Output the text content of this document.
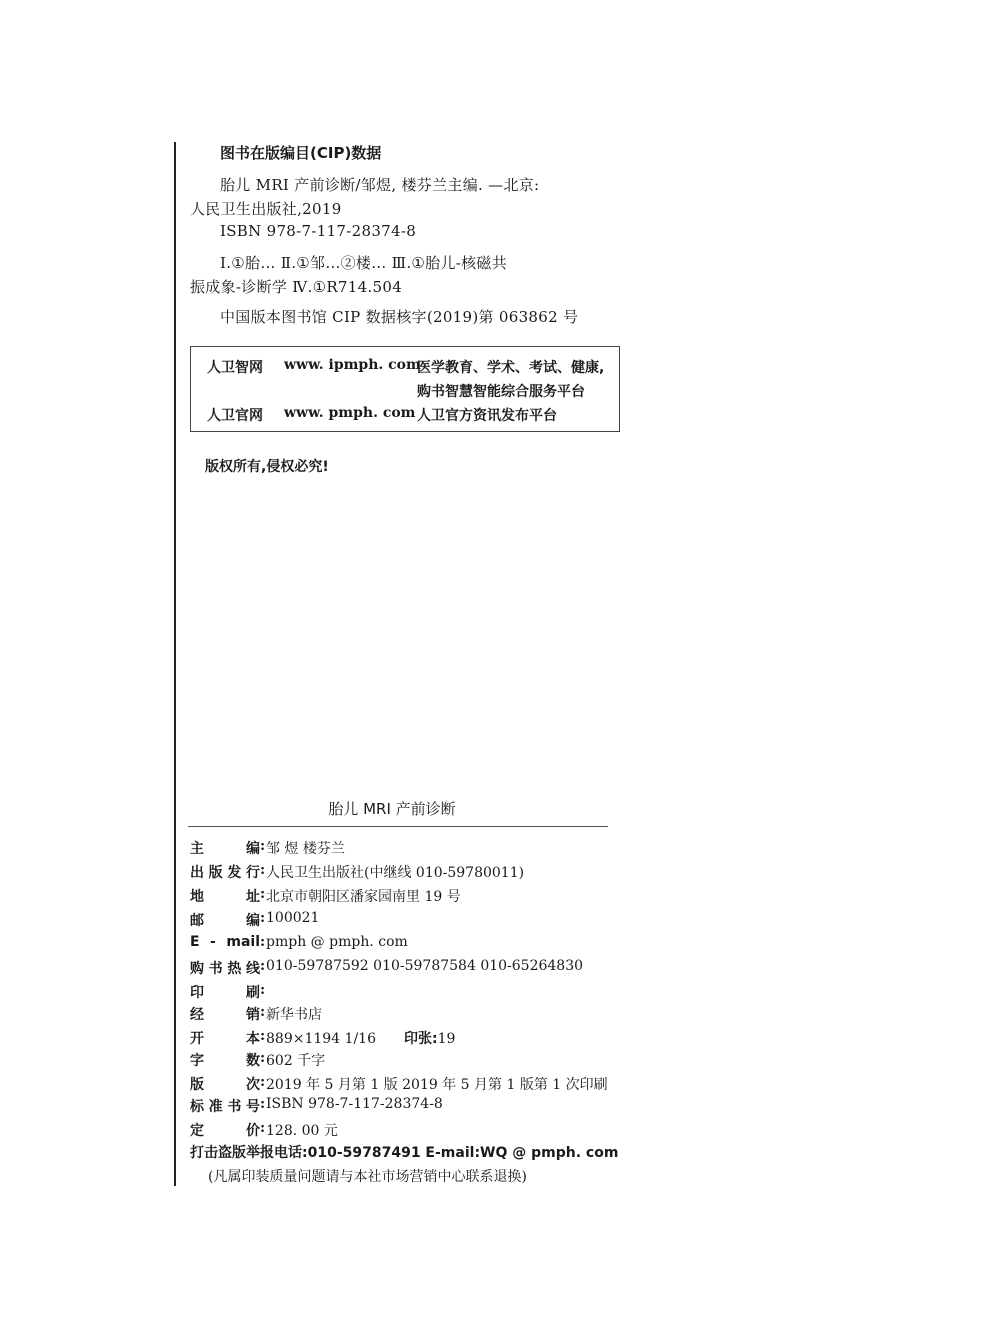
图书在版编目(CIP)数据
胎儿 MRI 产前诊断/邹煜, 楼芬兰主编. —北京:
人民卫生出版社,2019
ISBN 978-7-117-28374-8
Ⅰ.①胎… Ⅱ.①邹…②楼… Ⅲ.①胎儿-核磁共
振成象-诊断学 Ⅳ.①R714.504
中国版本图书馆 CIP 数据核字(2019)第 063862 号
人卫智网 www. ipmph. com
医学教育、学术、考试、健康,
购书智慧智能综合服务平台
人卫官网 www. pmph. com 人卫官方资讯发布平台
版权所有,侵权必究!
胎儿 MRI 产前诊断
主编 : 邹 煜 楼芬兰
出版发行 : 人民卫生出版社(中继线 010-59780011)
地址 : 北京市朝阳区潘家园南里 19 号
邮编 : 100021
E - mail : pmph @ pmph. com
购书热线 : 010-59787592 010-59787584 010-65264830
印刷 :
经销 : 新华书店
开本 : 889×1194 1/16 印张:19
字数 : 602 千字
版次 : 2019 年 5 月第 1 版 2019 年 5 月第 1 版第 1 次印刷
标准书号 : ISBN 978-7-117-28374-8
定价 : 128. 00 元
打击盗版举报电话:010-59787491 E-mail:WQ @ pmph. com
(凡属印装质量问题请与本社市场营销中心联系退换)
